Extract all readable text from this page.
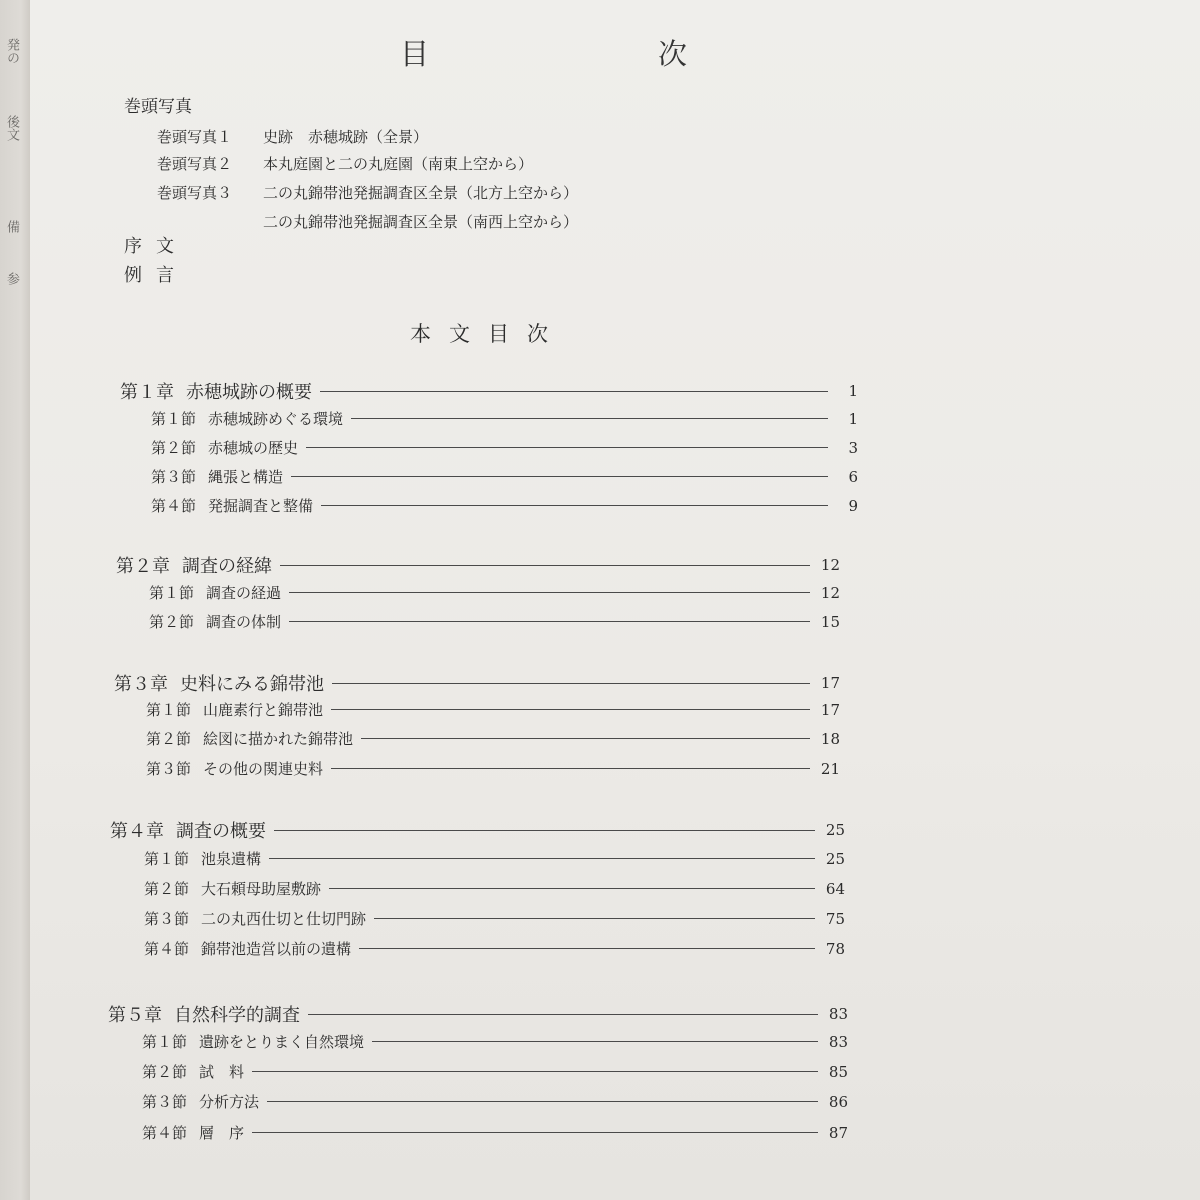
発の
後文
備
参
目　次
巻頭写真
巻頭写真１ 史跡　赤穂城跡（全景）
巻頭写真２ 本丸庭園と二の丸庭園（南東上空から）
巻頭写真３ 二の丸錦帯池発掘調査区全景（北方上空から）
二の丸錦帯池発掘調査区全景（南西上空から）
序文
例言
本文目次
第１章 赤穂城跡の概要	1
第１節 赤穂城跡めぐる環境	1
第２節 赤穂城の歴史	3
第３節 縄張と構造	6
第４節 発掘調査と整備	9
第２章 調査の経緯	12
第１節 調査の経過	12
第２節 調査の体制	15
第３章 史料にみる錦帯池	17
第１節 山鹿素行と錦帯池	17
第２節 絵図に描かれた錦帯池	18
第３節 その他の関連史料	21
第４章 調査の概要	25
第１節 池泉遺構	25
第２節 大石頼母助屋敷跡	64
第３節 二の丸西仕切と仕切門跡	75
第４節 錦帯池造営以前の遺構	78
第５章 自然科学的調査	83
第１節 遺跡をとりまく自然環境	83
第２節 試　料	85
第３節 分析方法	86
第４節 層　序	87
